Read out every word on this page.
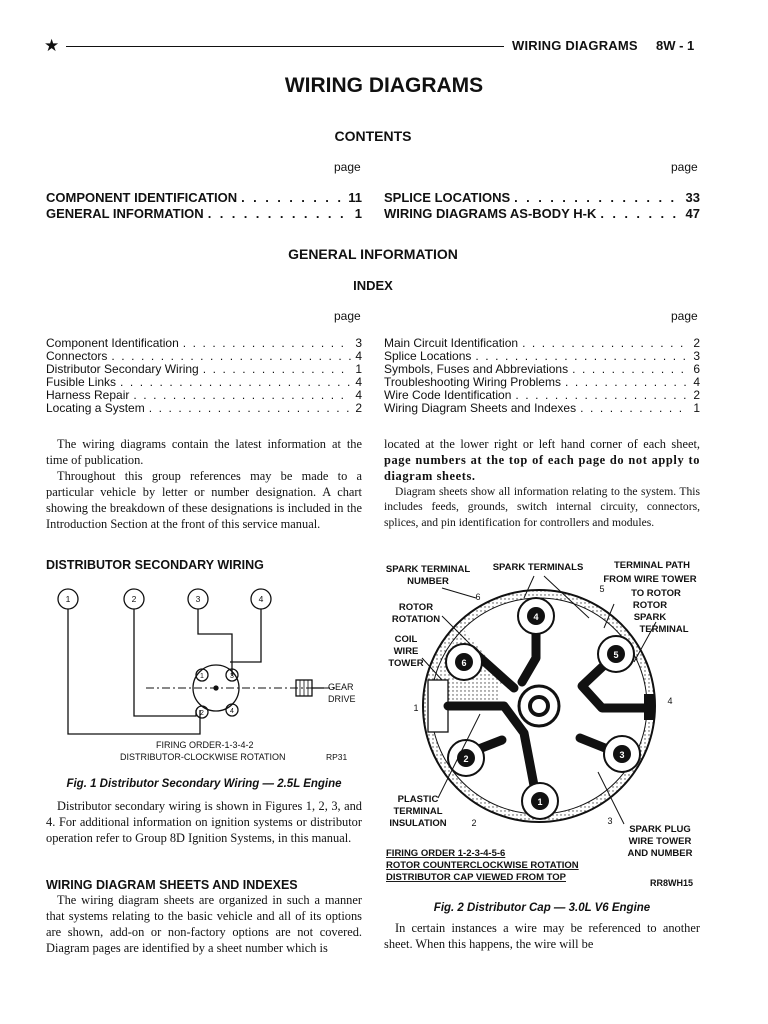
★	WIRING DIAGRAMS 8W - 1
WIRING DIAGRAMS
CONTENTS
page	page
COMPONENT IDENTIFICATION . . .	11
GENERAL INFORMATION . . .	1
SPLICE LOCATIONS . . .	33
WIRING DIAGRAMS AS-BODY H-K . . .	47
GENERAL INFORMATION
INDEX
page	page
Component Identification . . .	3
Connectors . . .	4
Distributor Secondary Wiring . . .	1
Fusible Links . . .	4
Harness Repair . . .	4
Locating a System . . .	2
Main Circuit Identification . . .	2
Splice Locations . . .	3
Symbols, Fuses and Abbreviations . . .	6
Troubleshooting Wiring Problems . . .	4
Wire Code Identification . . .	2
Wiring Diagram Sheets and Indexes . . .	1

The wiring diagrams contain the latest information at the time of publication.

Throughout this group references may be made to a particular vehicle by letter or number designation. A chart showing the breakdown of these designations is included in the Introduction Section at the front of this service manual.

DISTRIBUTOR SECONDARY WIRING
1	2	3	4
1	3
2	4
GEAR
DRIVE
FIRING ORDER-1-3-4-2
DISTRIBUTOR-CLOCKWISE ROTATION	RP31
Fig. 1 Distributor Secondary Wiring — 2.5L Engine

Distributor secondary wiring is shown in Figures 1, 2, 3, and 4. For additional information on ignition systems or distributor operation refer to Group 8D Ignition Systems, in this manual.

WIRING DIAGRAM SHEETS AND INDEXES

The wiring diagram sheets are organized in such a manner that systems relating to the basic vehicle and all of its options are shown, add-on or non-factory options are not covered. Diagram pages are identified by a sheet number which is

located at the lower right or left hand corner of each sheet, page numbers at the top of each page do not apply to diagram sheets.

Diagram sheets show all information relating to the system. This includes feeds, grounds, switch internal circuity, connectors, splices, and pin identification for controllers and modules.

4
5
6
3
2
1
6
5
1
4
2	3
SPARK TERMINAL
NUMBER
SPARK TERMINALS	TERMINAL PATH
FROM WIRE TOWER
TO ROTOR
ROTOR
ROTATION
COIL
WIRE
TOWER
ROTOR
SPARK
TERMINAL
PLASTIC
TERMINAL
INSULATION
SPARK PLUG
WIRE TOWER
AND NUMBER
FIRING ORDER 1-2-3-4-5-6
ROTOR COUNTERCLOCKWISE ROTATION
DISTRIBUTOR CAP VIEWED FROM TOP	RR8WH15
Fig. 2 Distributor Cap — 3.0L V6 Engine

In certain instances a wire may be referenced to another sheet. When this happens, the wire will be
